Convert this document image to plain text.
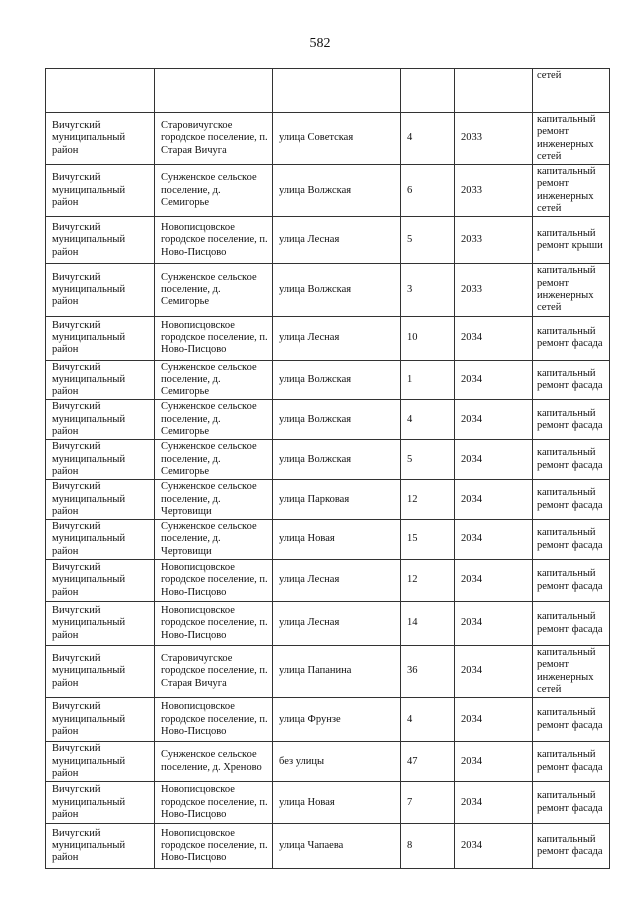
582
					сетей
Вичугский муниципальный район	Старовичугское городское поселение, п. Старая Вичуга	улица Советская	4	2033	капитальный ремонт инженерных сетей
Вичугский муниципальный район	Сунженское сельское поселение, д. Семигорье	улица Волжская	6	2033	капитальный ремонт инженерных сетей
Вичугский муниципальный район	Новописцовское городское поселение, п. Ново-Писцово	улица Лесная	5	2033	капитальный ремонт крыши
Вичугский муниципальный район	Сунженское сельское поселение, д. Семигорье	улица Волжская	3	2033	капитальный ремонт инженерных сетей
Вичугский муниципальный район	Новописцовское городское поселение, п. Ново-Писцово	улица Лесная	10	2034	капитальный ремонт фасада
Вичугский муниципальный район	Сунженское сельское поселение, д. Семигорье	улица Волжская	1	2034	капитальный ремонт фасада
Вичугский муниципальный район	Сунженское сельское поселение, д. Семигорье	улица Волжская	4	2034	капитальный ремонт фасада
Вичугский муниципальный район	Сунженское сельское поселение, д. Семигорье	улица Волжская	5	2034	капитальный ремонт фасада
Вичугский муниципальный район	Сунженское сельское поселение, д. Чертовищи	улица Парковая	12	2034	капитальный ремонт фасада
Вичугский муниципальный район	Сунженское сельское поселение, д. Чертовищи	улица Новая	15	2034	капитальный ремонт фасада
Вичугский муниципальный район	Новописцовское городское поселение, п. Ново-Писцово	улица Лесная	12	2034	капитальный ремонт фасада
Вичугский муниципальный район	Новописцовское городское поселение, п. Ново-Писцово	улица Лесная	14	2034	капитальный ремонт фасада
Вичугский муниципальный район	Старовичугское городское поселение, п. Старая Вичуга	улица Папанина	36	2034	капитальный ремонт инженерных сетей
Вичугский муниципальный район	Новописцовское городское поселение, п. Ново-Писцово	улица Фрунзе	4	2034	капитальный ремонт фасада
Вичугский муниципальный район	Сунженское сельское поселение, д. Хреново	без улицы	47	2034	капитальный ремонт фасада
Вичугский муниципальный район	Новописцовское городское поселение, п. Ново-Писцово	улица Новая	7	2034	капитальный ремонт фасада
Вичугский муниципальный район	Новописцовское городское поселение, п. Ново-Писцово	улица Чапаева	8	2034	капитальный ремонт фасада
